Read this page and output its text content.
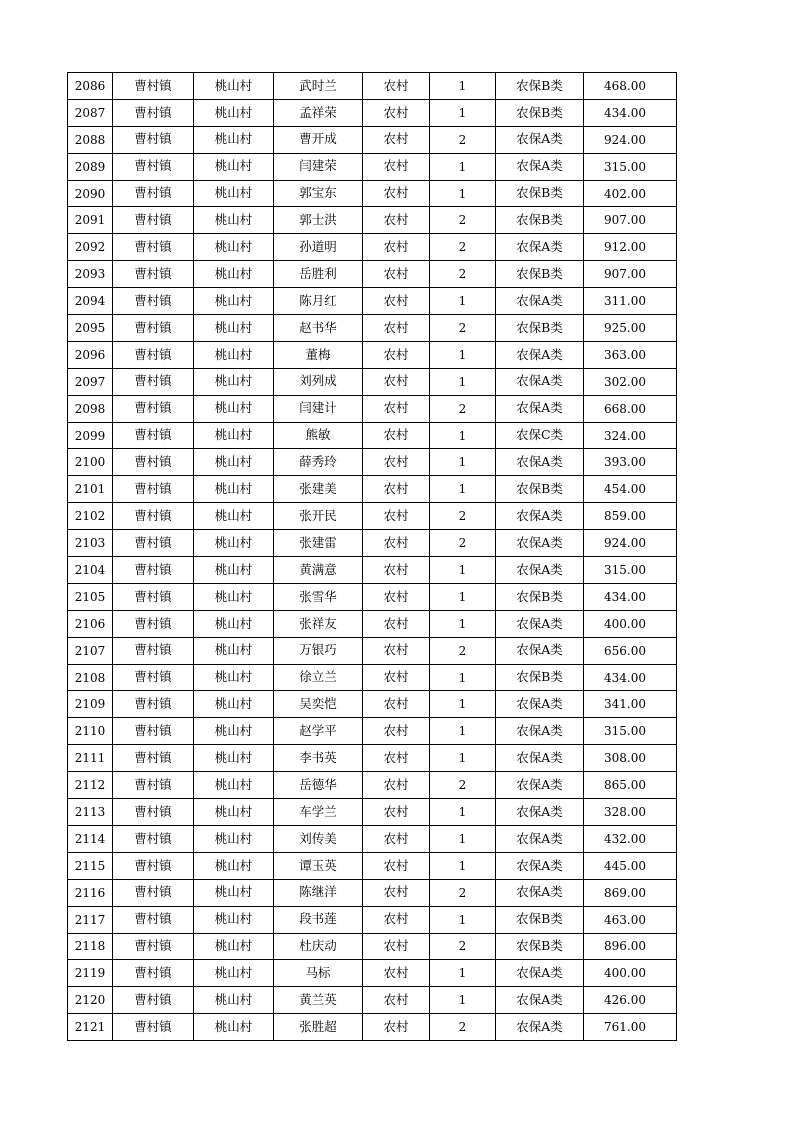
2086	曹村镇	桃山村	武时兰	农村	1	农保B类	468.00
2087	曹村镇	桃山村	孟祥荣	农村	1	农保B类	434.00
2088	曹村镇	桃山村	曹开成	农村	2	农保A类	924.00
2089	曹村镇	桃山村	闫建荣	农村	1	农保A类	315.00
2090	曹村镇	桃山村	郭宝东	农村	1	农保B类	402.00
2091	曹村镇	桃山村	郭士洪	农村	2	农保B类	907.00
2092	曹村镇	桃山村	孙道明	农村	2	农保A类	912.00
2093	曹村镇	桃山村	岳胜利	农村	2	农保B类	907.00
2094	曹村镇	桃山村	陈月红	农村	1	农保A类	311.00
2095	曹村镇	桃山村	赵书华	农村	2	农保B类	925.00
2096	曹村镇	桃山村	董梅	农村	1	农保A类	363.00
2097	曹村镇	桃山村	刘列成	农村	1	农保A类	302.00
2098	曹村镇	桃山村	闫建计	农村	2	农保A类	668.00
2099	曹村镇	桃山村	熊敏	农村	1	农保C类	324.00
2100	曹村镇	桃山村	薛秀玲	农村	1	农保A类	393.00
2101	曹村镇	桃山村	张建美	农村	1	农保B类	454.00
2102	曹村镇	桃山村	张开民	农村	2	农保A类	859.00
2103	曹村镇	桃山村	张建雷	农村	2	农保A类	924.00
2104	曹村镇	桃山村	黄满意	农村	1	农保A类	315.00
2105	曹村镇	桃山村	张雪华	农村	1	农保B类	434.00
2106	曹村镇	桃山村	张祥友	农村	1	农保A类	400.00
2107	曹村镇	桃山村	万银巧	农村	2	农保A类	656.00
2108	曹村镇	桃山村	徐立兰	农村	1	农保B类	434.00
2109	曹村镇	桃山村	吴奕恺	农村	1	农保A类	341.00
2110	曹村镇	桃山村	赵学平	农村	1	农保A类	315.00
2111	曹村镇	桃山村	李书英	农村	1	农保A类	308.00
2112	曹村镇	桃山村	岳德华	农村	2	农保A类	865.00
2113	曹村镇	桃山村	车学兰	农村	1	农保A类	328.00
2114	曹村镇	桃山村	刘传美	农村	1	农保A类	432.00
2115	曹村镇	桃山村	谭玉英	农村	1	农保A类	445.00
2116	曹村镇	桃山村	陈继洋	农村	2	农保A类	869.00
2117	曹村镇	桃山村	段书莲	农村	1	农保B类	463.00
2118	曹村镇	桃山村	杜庆动	农村	2	农保B类	896.00
2119	曹村镇	桃山村	马标	农村	1	农保A类	400.00
2120	曹村镇	桃山村	黄兰英	农村	1	农保A类	426.00
2121	曹村镇	桃山村	张胜超	农村	2	农保A类	761.00
